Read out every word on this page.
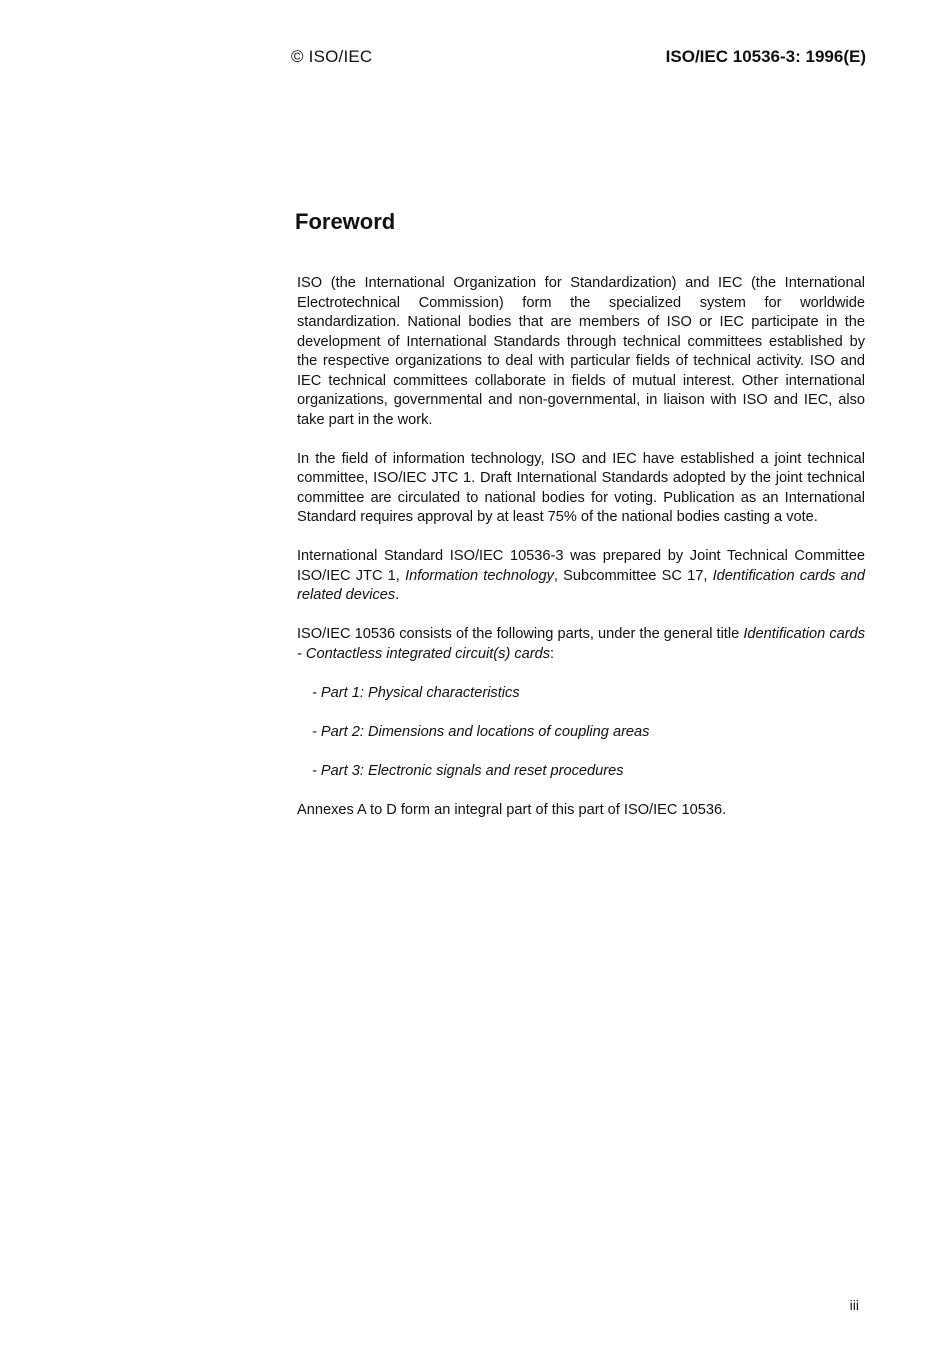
© ISO/IEC	ISO/IEC 10536-3: 1996(E)
Foreword

ISO (the International Organization for Standardization) and IEC (the International Electrotechnical Commission) form the specialized system for worldwide standardization. National bodies that are members of ISO or IEC participate in the development of International Standards through technical committees established by the respective organizations to deal with particular fields of technical activity. ISO and IEC technical committees collaborate in fields of mutual interest. Other international organizations, governmental and non-governmental, in liaison with ISO and IEC, also take part in the work.

In the field of information technology, ISO and IEC have established a joint technical committee, ISO/IEC JTC 1. Draft International Standards adopted by the joint technical committee are circulated to national bodies for voting. Publication as an International Standard requires approval by at least 75% of the national bodies casting a vote.

International Standard ISO/IEC 10536-3 was prepared by Joint Technical Committee ISO/IEC JTC 1, Information technology, Subcommittee SC 17, Identification cards and related devices.

ISO/IEC 10536 consists of the following parts, under the general title Identification cards - Contactless integrated circuit(s) cards:

- Part 1: Physical characteristics
- Part 2: Dimensions and locations of coupling areas
- Part 3: Electronic signals and reset procedures

Annexes A to D form an integral part of this part of ISO/IEC 10536.

iii
